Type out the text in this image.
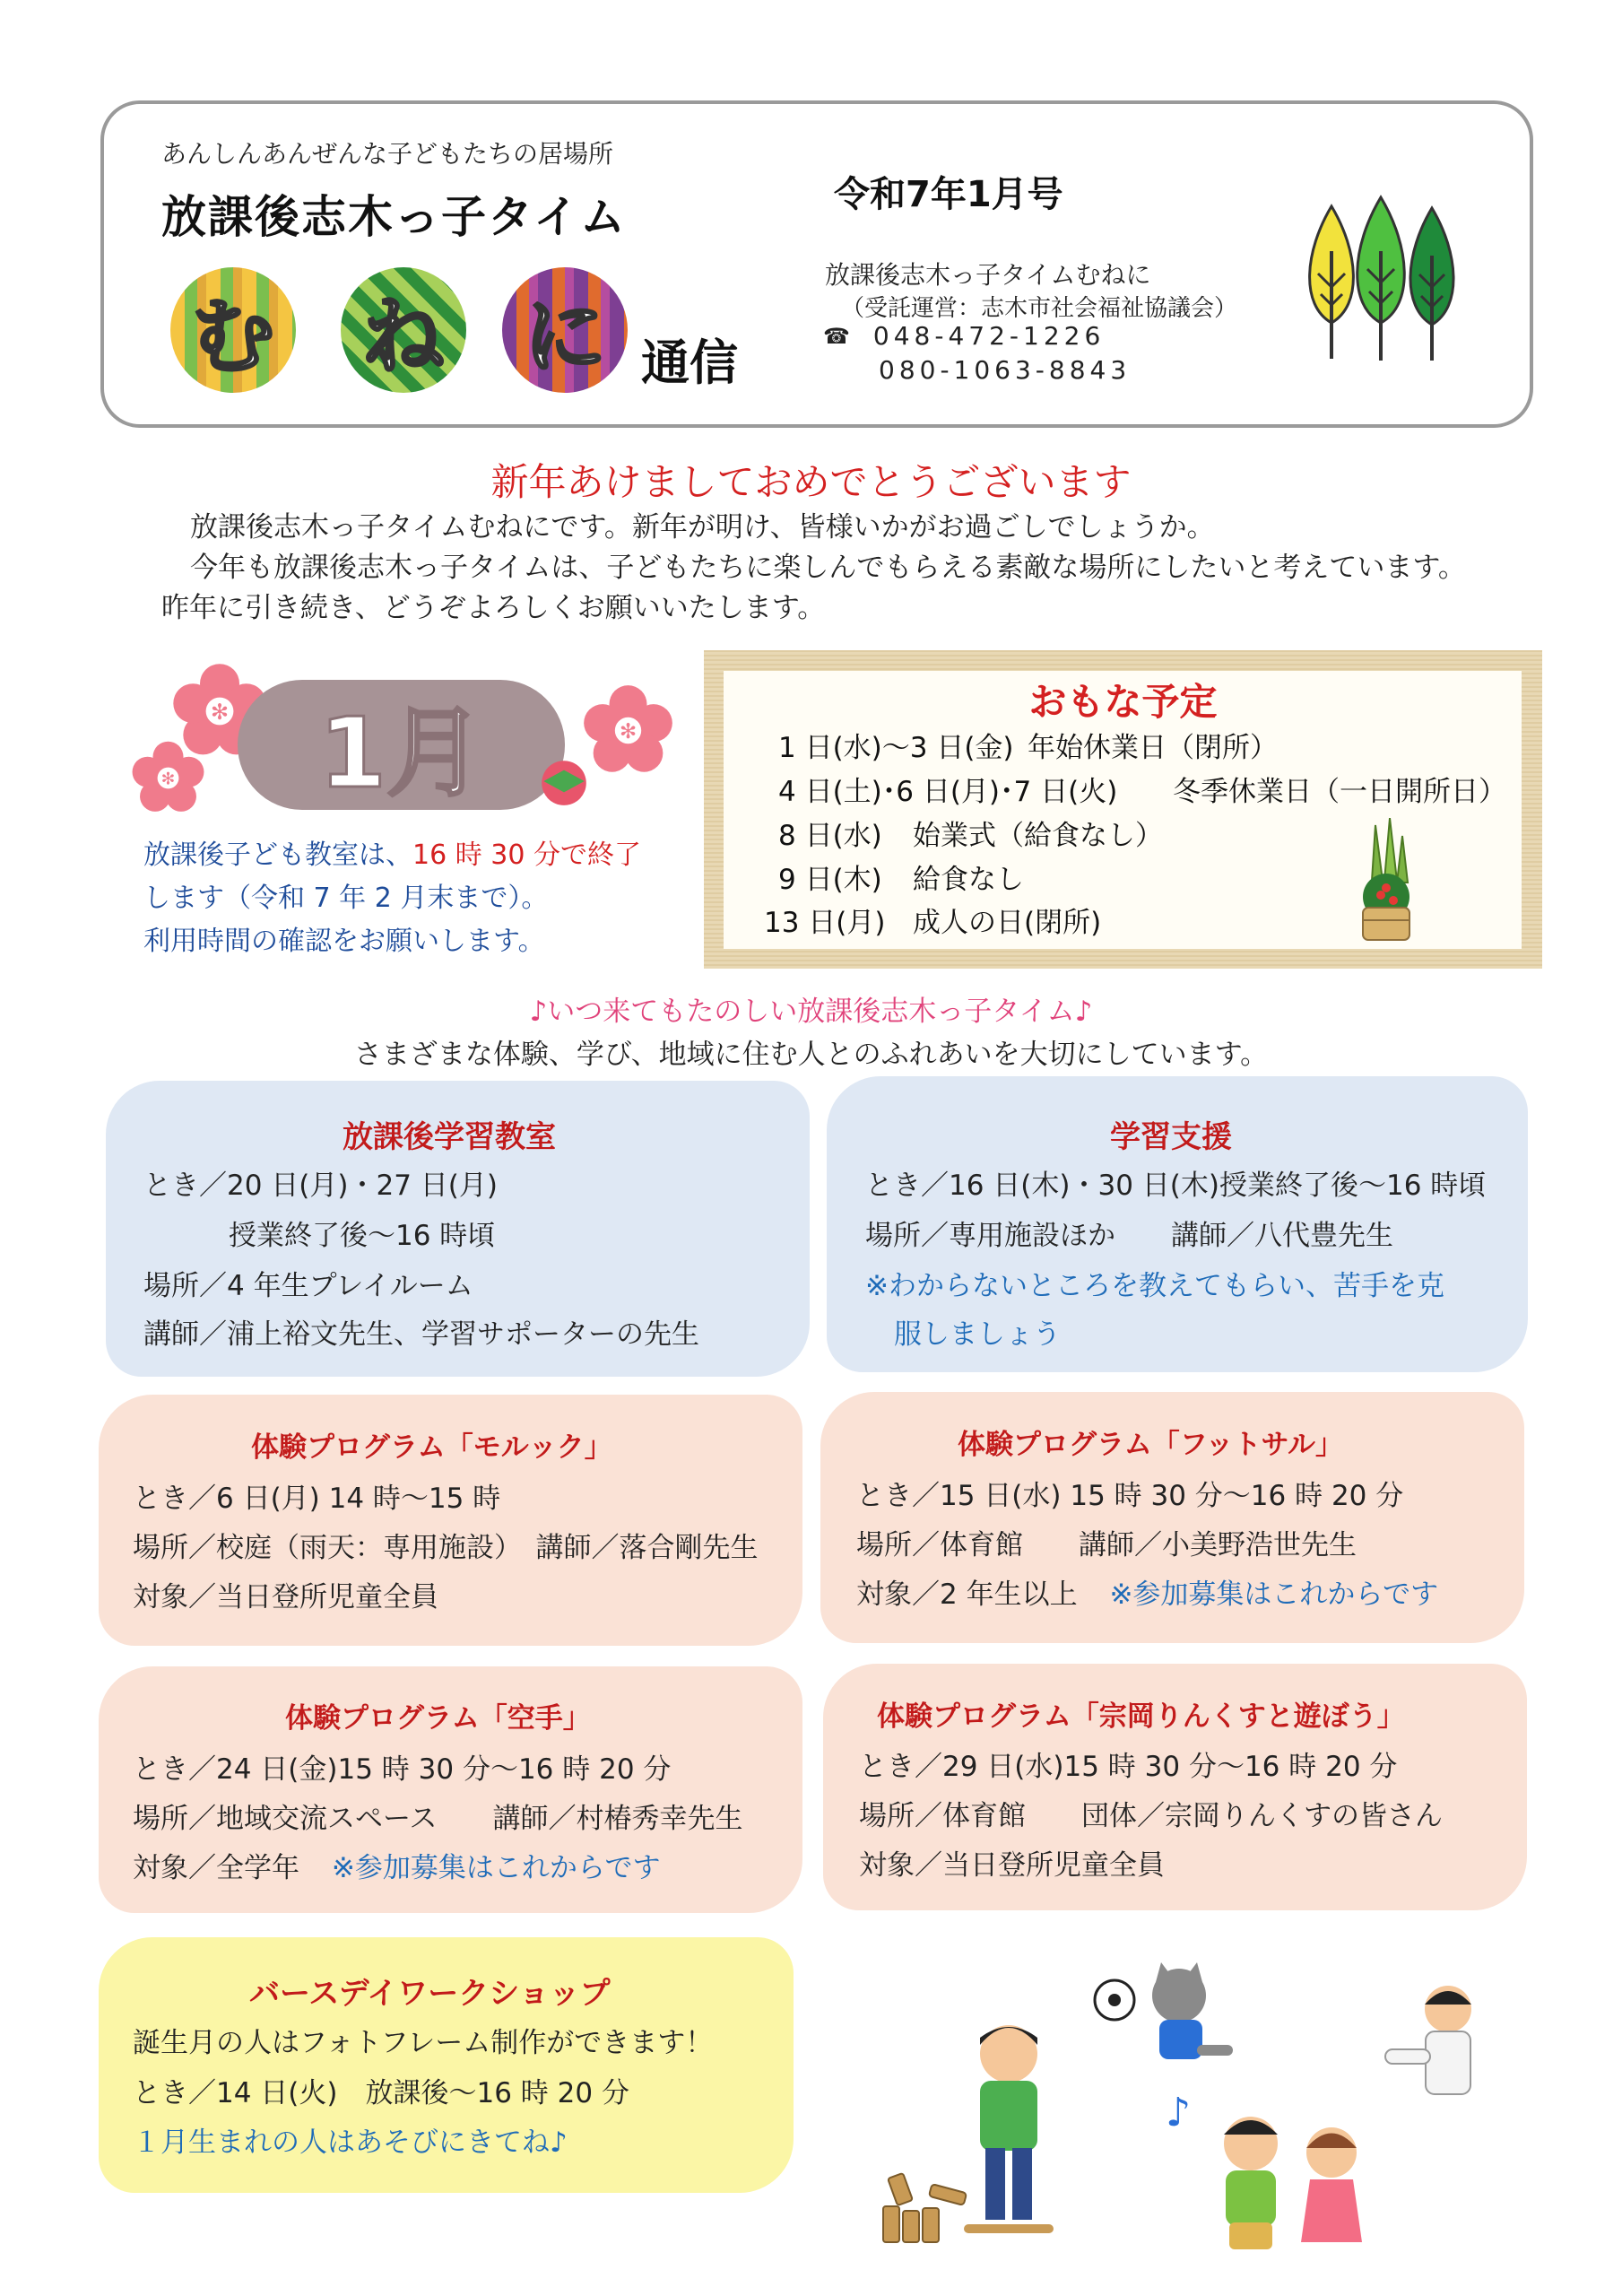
あんしんあんぜんな子どもたちの居場所
放課後志木っ子タイム
む ね に 通信
令和7年1月号
放課後志木っ子タイムむねに
（受託運営：志木市社会福祉協議会）
☎ 048-472-1226
080-1063-8843
新年あけましておめでとうございます
放課後志木っ子タイムむねにです。新年が明け、皆様いかがお過ごしでしょうか。
今年も放課後志木っ子タイムは、子どもたちに楽しんでもらえる素敵な場所にしたいと考えています。
昨年に引き続き、どうぞよろしくお願いいたします。
✻
✻
✻
1月
放課後子ども教室は、16 時 30 分で終了
します（令和 7 年 2 月末まで）。
利用時間の確認をお願いします。
おもな予定
1 日(水)～3 日(金) 年始休業日（閉所）
4 日(土)･6 日(月)･7 日(火) 冬季休業日（一日開所日）
8 日(水) 始業式（給食なし）
9 日(木) 給食なし
13 日(月) 成人の日(閉所)
♪いつ来てもたのしい放課後志木っ子タイム♪
さまざまな体験、学び、地域に住む人とのふれあいを大切にしています。
放課後学習教室
とき／20 日(月)・27 日(月)
授業終了後～16 時頃
場所／4 年生プレイルーム
講師／浦上裕文先生、学習サポーターの先生
学習支援
とき／16 日(木)・30 日(木)授業終了後～16 時頃
場所／専用施設ほか　　講師／八代豊先生
※わからないところを教えてもらい、苦手を克
服しましょう
体験プログラム「モルック」
とき／6 日(月) 14 時～15 時
場所／校庭（雨天：専用施設）　講師／落合剛先生
対象／当日登所児童全員
体験プログラム「フットサル」
とき／15 日(水) 15 時 30 分～16 時 20 分
場所／体育館　　講師／小美野浩世先生
対象／2 年生以上 ※参加募集はこれからです
体験プログラム「空手」
とき／24 日(金)15 時 30 分～16 時 20 分
場所／地域交流スペース　　講師／村椿秀幸先生
対象／全学年 ※参加募集はこれからです
体験プログラム「宗岡りんくすと遊ぼう」
とき／29 日(水)15 時 30 分～16 時 20 分
場所／体育館　　団体／宗岡りんくすの皆さん
対象／当日登所児童全員
バースデイワークショップ
誕生月の人はフォトフレーム制作ができます！
とき／14 日(火)　放課後～16 時 20 分
１月生まれの人はあそびにきてね♪
♪
